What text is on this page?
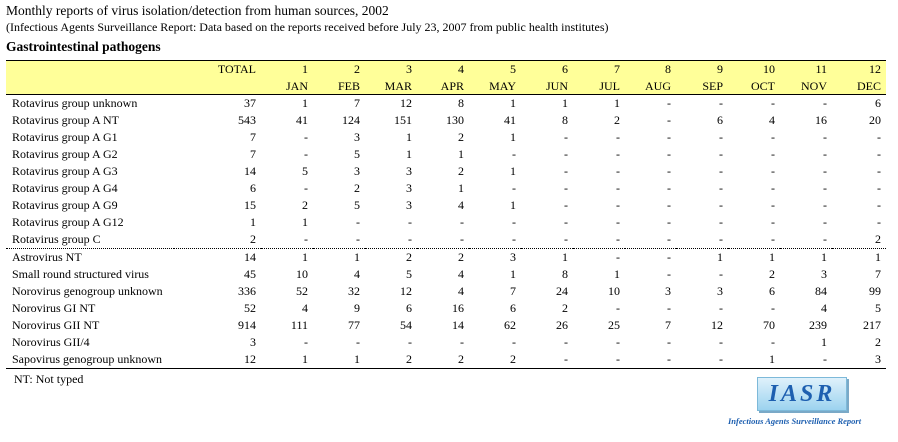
Monthly reports of virus isolation/detection from human sources, 2002
(Infectious Agents Surveillance Report: Data based on the reports received before July 23, 2007 from public health institutes)
Gastrointestinal pathogens
	TOTAL	1	2	3	4	5	6	7	8	9	10	11	12
		JAN	FEB	MAR	APR	MAY	JUN	JUL	AUG	SEP	OCT	NOV	DEC
Rotavirus group unknown	37	1	7	12	8	1	1	1	-	-	-	-	6
Rotavirus group A NT	543	41	124	151	130	41	8	2	-	6	4	16	20
Rotavirus group A G1	7	-	3	1	2	1	-	-	-	-	-	-	-
Rotavirus group A G2	7	-	5	1	1	-	-	-	-	-	-	-	-
Rotavirus group A G3	14	5	3	3	2	1	-	-	-	-	-	-	-
Rotavirus group A G4	6	-	2	3	1	-	-	-	-	-	-	-	-
Rotavirus group A G9	15	2	5	3	4	1	-	-	-	-	-	-	-
Rotavirus group A G12	1	1	-	-	-	-	-	-	-	-	-	-	-
Rotavirus group C	2	-	-	-	-	-	-	-	-	-	-	-	2
Astrovirus NT	14	1	1	2	2	3	1	-	-	1	1	1	1
Small round structured virus	45	10	4	5	4	1	8	1	-	-	2	3	7
Norovirus genogroup unknown	336	52	32	12	4	7	24	10	3	3	6	84	99
Norovirus GI NT	52	4	9	6	16	6	2	-	-	-	-	4	5
Norovirus GII NT	914	111	77	54	14	62	26	25	7	12	70	239	217
Norovirus GII/4	3	-	-	-	-	-	-	-	-	-	-	1	2
Sapovirus genogroup unknown	12	1	1	2	2	2	-	-	-	-	1	-	3
NT: Not typed
IASR
Infectious Agents Surveillance Report
